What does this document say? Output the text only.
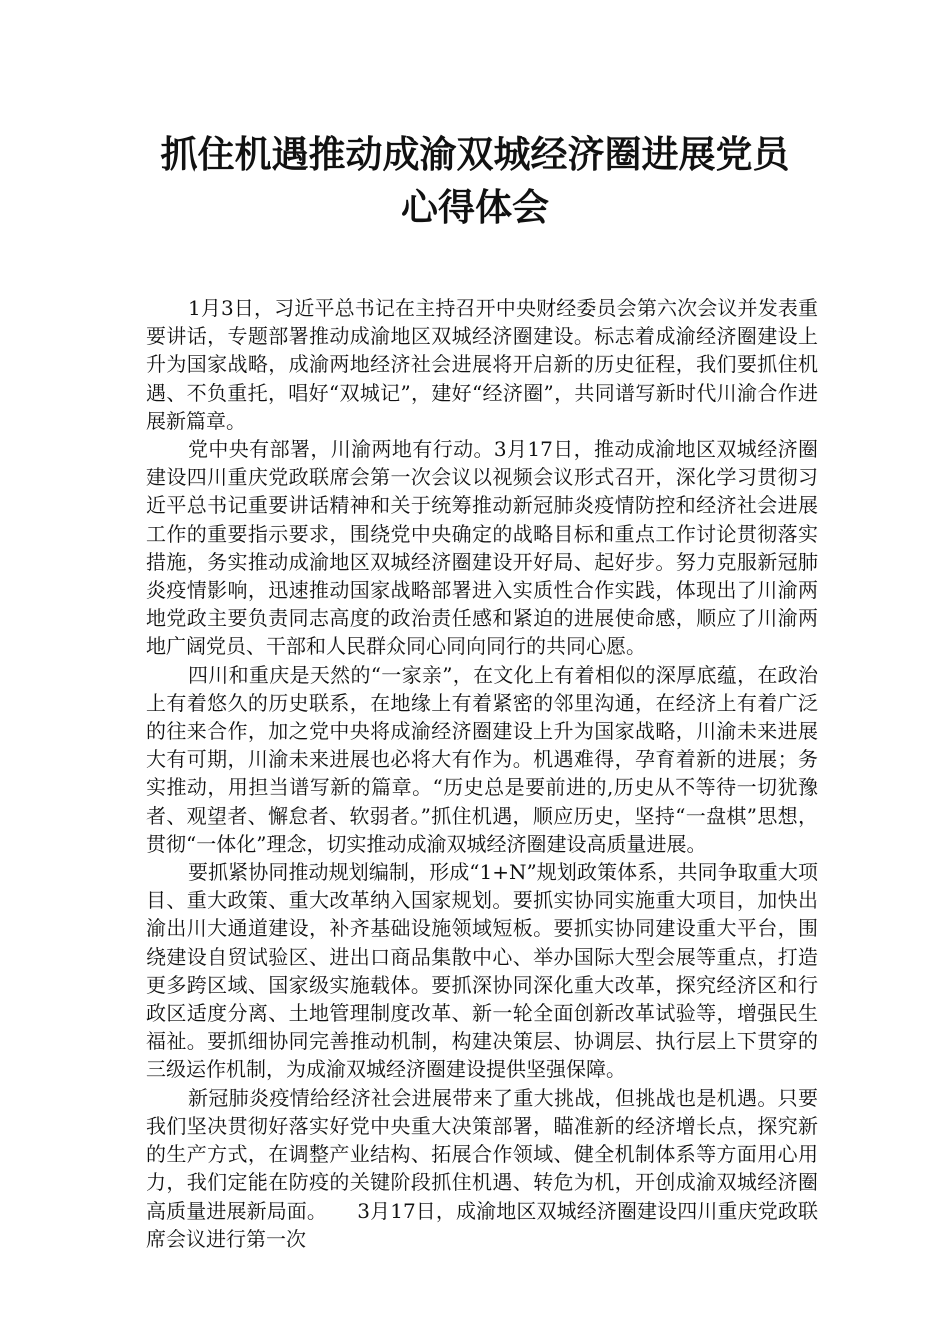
抓住机遇推动成渝双城经济圈进展党员
心得体会

1月3日，习近平总书记在主持召开中央财经委员会第六次会议并发表重要讲话，专题部署推动成渝地区双城经济圈建设。标志着成渝经济圈建设上升为国家战略，成渝两地经济社会进展将开启新的历史征程，我们要抓住机遇、不负重托，唱好“双城记”，建好“经济圈”，共同谱写新时代川渝合作进展新篇章。

党中央有部署，川渝两地有行动。3月17日，推动成渝地区双城经济圈建设四川重庆党政联席会第一次会议以视频会议形式召开，深化学习贯彻习近平总书记重要讲话精神和关于统筹推动新冠肺炎疫情防控和经济社会进展工作的重要指示要求，围绕党中央确定的战略目标和重点工作讨论贯彻落实措施，务实推动成渝地区双城经济圈建设开好局、起好步。努力克服新冠肺炎疫情影响，迅速推动国家战略部署进入实质性合作实践，体现出了川渝两地党政主要负责同志高度的政治责任感和紧迫的进展使命感，顺应了川渝两地广阔党员、干部和人民群众同心同向同行的共同心愿。

四川和重庆是天然的“一家亲”，在文化上有着相似的深厚底蕴，在政治上有着悠久的历史联系，在地缘上有着紧密的邻里沟通，在经济上有着广泛的往来合作，加之党中央将成渝经济圈建设上升为国家战略，川渝未来进展大有可期，川渝未来进展也必将大有作为。机遇难得，孕育着新的进展；务实推动，用担当谱写新的篇章。“历史总是要前进的,历史从不等待一切犹豫者、观望者、懈怠者、软弱者。”抓住机遇，顺应历史，坚持“一盘棋”思想，贯彻“一体化”理念，切实推动成渝双城经济圈建设高质量进展。

要抓紧协同推动规划编制，形成“1+N”规划政策体系，共同争取重大项目、重大政策、重大改革纳入国家规划。要抓实协同实施重大项目，加快出渝出川大通道建设，补齐基础设施领域短板。要抓实协同建设重大平台，围绕建设自贸试验区、进出口商品集散中心、举办国际大型会展等重点，打造更多跨区域、国家级实施载体。要抓深协同深化重大改革，探究经济区和行政区适度分离、土地管理制度改革、新一轮全面创新改革试验等，增强民生福祉。要抓细协同完善推动机制，构建决策层、协调层、执行层上下贯穿的三级运作机制，为成渝双城经济圈建设提供坚强保障。

新冠肺炎疫情给经济社会进展带来了重大挑战，但挑战也是机遇。只要我们坚决贯彻好落实好党中央重大决策部署，瞄准新的经济增长点，探究新的生产方式，在调整产业结构、拓展合作领域、健全机制体系等方面用心用力，我们定能在防疫的关键阶段抓住机遇、转危为机，开创成渝双城经济圈高质量进展新局面。　　3月17日，成渝地区双城经济圈建设四川重庆党政联席会议进行第一次
